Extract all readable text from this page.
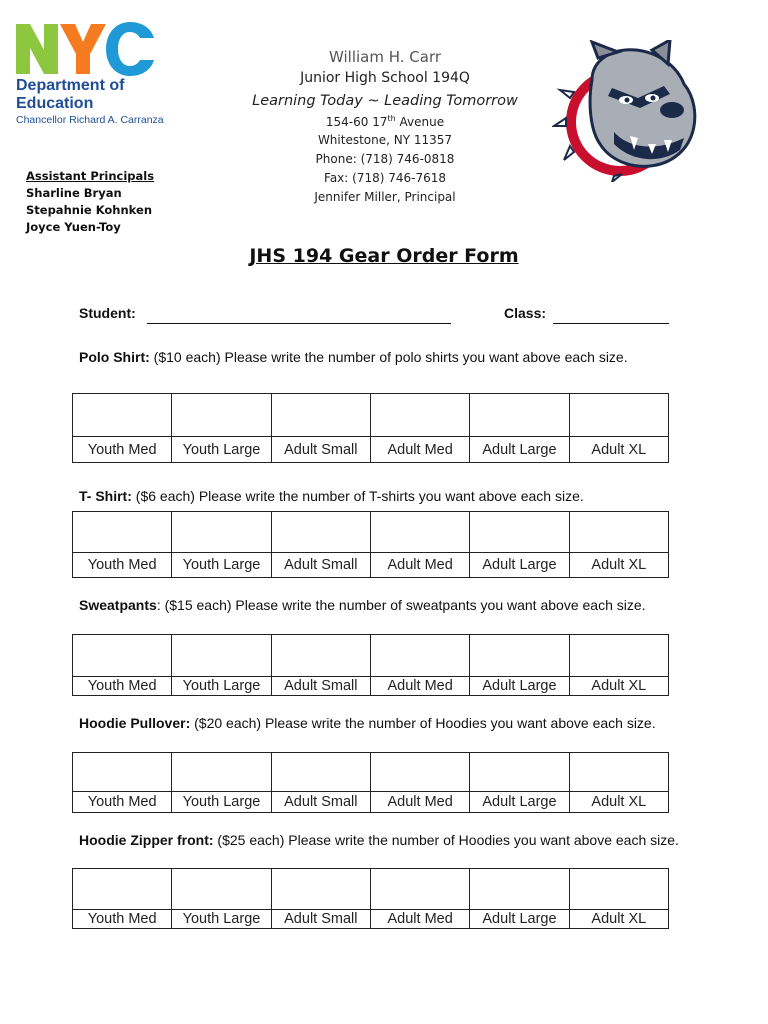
Department of
Education
Chancellor Richard A. Carranza
William H. Carr
Junior High School 194Q
Learning Today ~ Leading Tomorrow
154-60 17th Avenue
Whitestone, NY 11357
Phone: (718) 746-0818
Fax: (718) 746-7618
Jennifer Miller, Principal
Assistant Principals
Sharline Bryan
Stepahnie Kohnken
Joyce Yuen-Toy
JHS 194 Gear Order Form
Student:	Class:
Polo Shirt: ($10 each) Please write the number of polo shirts you want above each size.

Youth Med	Youth Large	Adult Small	Adult Med	Adult Large	Adult XL
T- Shirt: ($6 each) Please write the number of T-shirts you want above each size.

Youth Med	Youth Large	Adult Small	Adult Med	Adult Large	Adult XL
Sweatpants: ($15 each) Please write the number of sweatpants you want above each size.

Youth Med	Youth Large	Adult Small	Adult Med	Adult Large	Adult XL
Hoodie Pullover: ($20 each) Please write the number of Hoodies you want above each size.

Youth Med	Youth Large	Adult Small	Adult Med	Adult Large	Adult XL
Hoodie Zipper front: ($25 each) Please write the number of Hoodies you want above each size.

Youth Med	Youth Large	Adult Small	Adult Med	Adult Large	Adult XL
